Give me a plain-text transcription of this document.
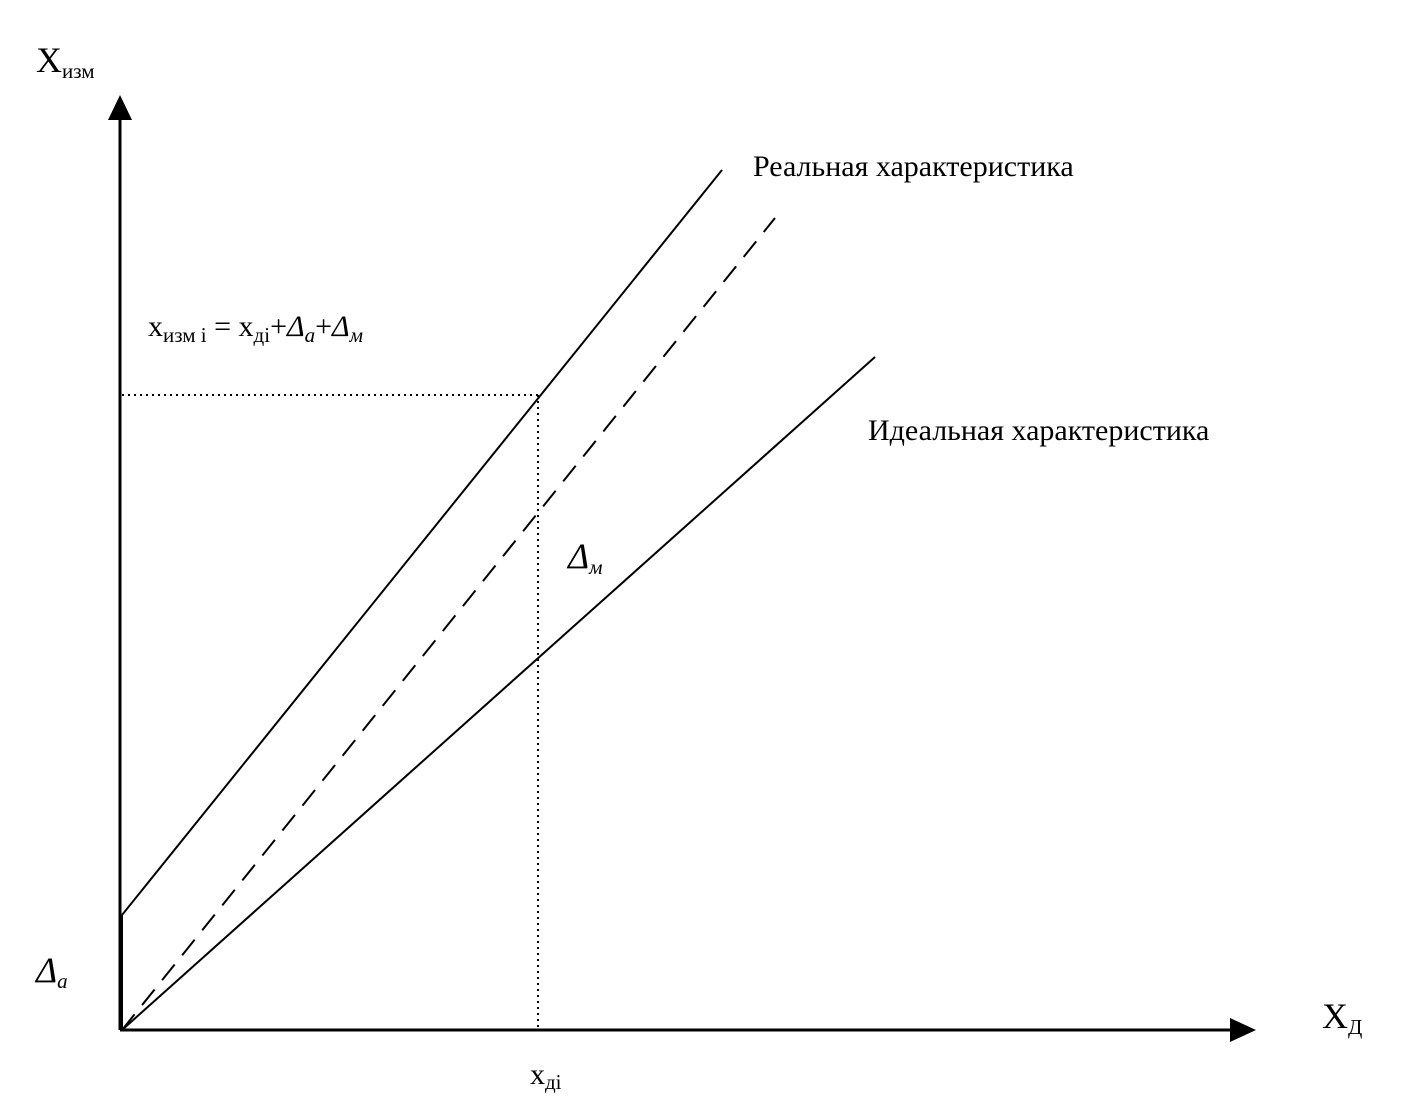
Xизм
XД
xдi
Δa
Δм
Реальная характеристика
Идеальная характеристика
$x_{изм i} = x_{дi}+\Delta_a+\Delta_м$
